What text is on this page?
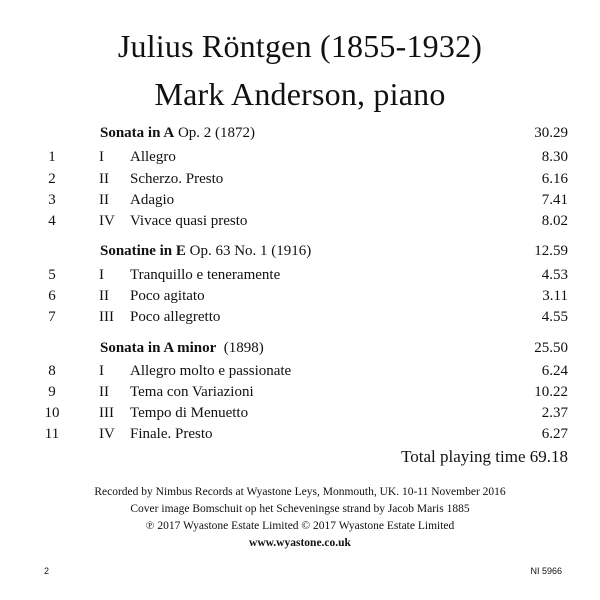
Julius Röntgen (1855-1932)
Mark Anderson, piano
Sonata in A Op. 2 (1872)	30.29
1	I Allegro	8.30
2	II Scherzo. Presto	6.16
3	II Adagio	7.41
4	IV Vivace quasi presto	8.02
Sonatine in E Op. 63 No. 1 (1916)	12.59
5	I Tranquillo e teneramente	4.53
6	II Poco agitato	3.11
7	III Poco allegretto	4.55
Sonata in A minor  (1898)	25.50
8	I Allegro molto e passionate	6.24
9	II Tema con Variazioni	10.22
10	III Tempo di Menuetto	2.37
11	IV Finale. Presto	6.27
Total playing time 69.18
Recorded by Nimbus Records at Wyastone Leys, Monmouth, UK. 10-11 November 2016
Cover image Bomschuit op het Scheveningse strand by Jacob Maris 1885
℗ 2017 Wyastone Estate Limited © 2017 Wyastone Estate Limited
www.wyastone.co.uk
2	NI 5966
